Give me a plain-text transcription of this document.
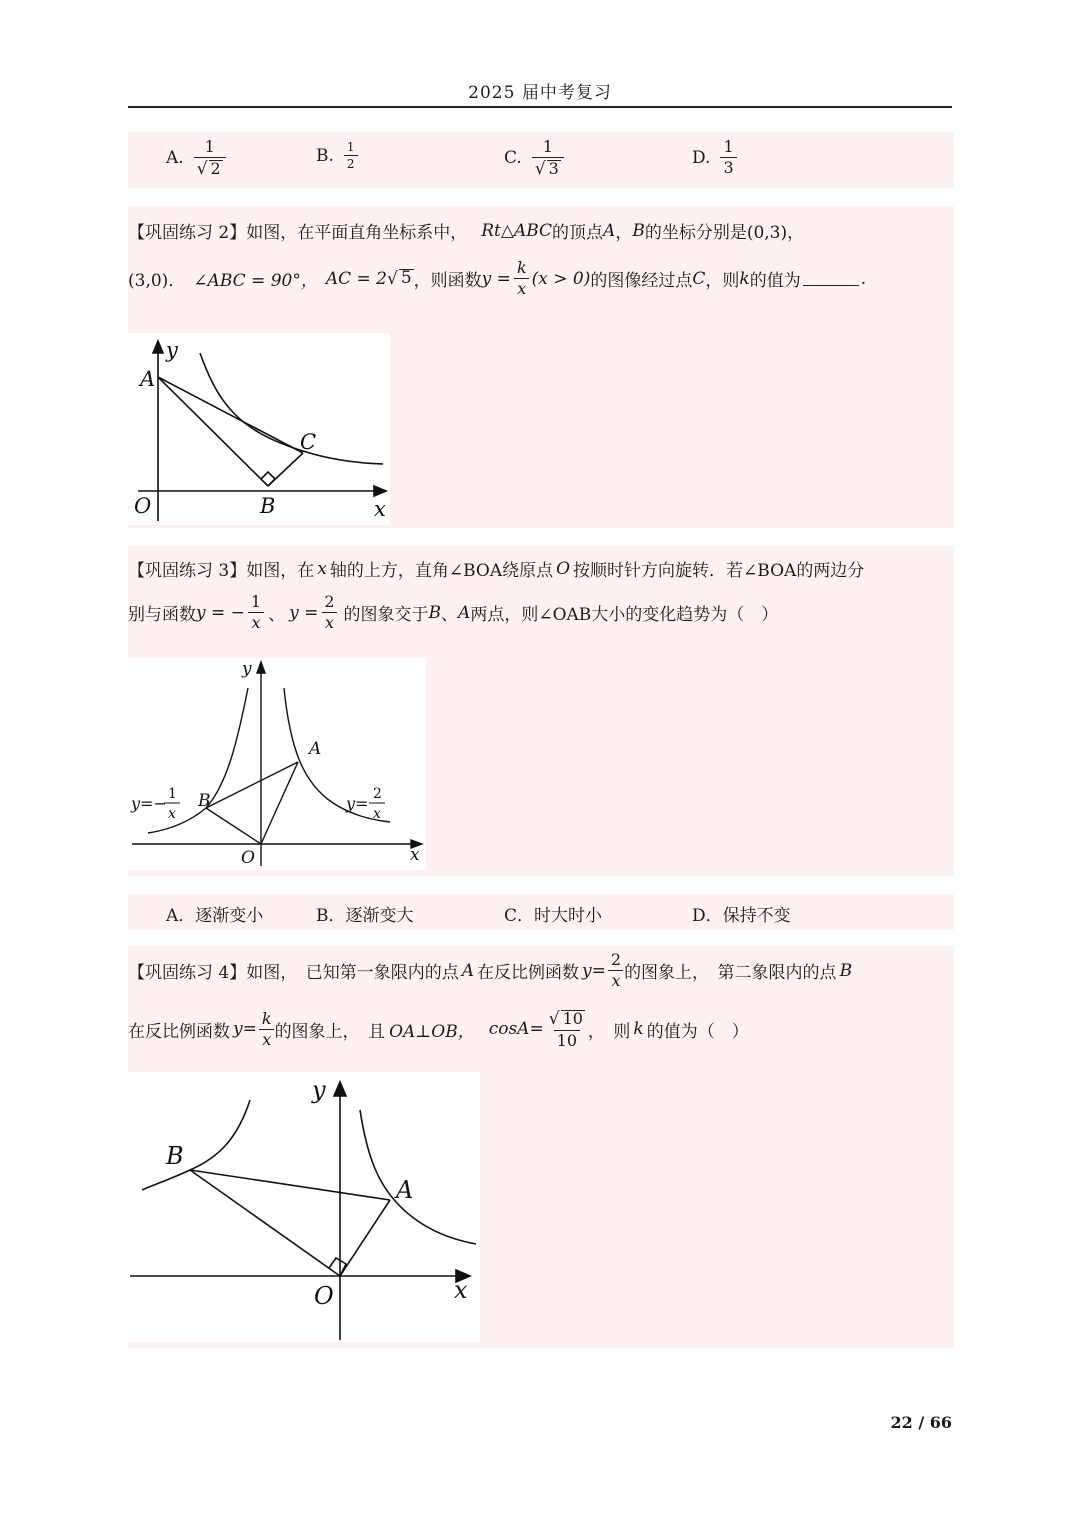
2025 届中考复习
A. $\frac{1}{√ 2}$	B. $\frac{1}{2}$	C. $\frac{1}{√ 3}$	D. $\frac{1}{3}$
【巩固练习 2】 如图，在平面直角坐标系中， Rt△ABC 的顶点 A ， B 的坐标分别是(0,3)，
(3,0)． ∠ABC = 90°， AC = 2 √ 5 ，则函数 $y = \frac{k}{x} (x > 0)$ 的图像经过点 C ，则 k 的值为	.
y
x
O
A
B
C
【巩固练习 3】 如图，在 x 轴的上方，直角∠BOA绕原点 O 按顺时针方向旋转．若∠BOA的两边分
别与函数 y = − $\frac{1}{x}$ 、 $y = \frac{2}{x}$ 的图象交于 B 、 A 两点，则∠OAB大小的变化趋势为（　）
y
x
O
A
B
y=− 1
x
y= 2
x
A．逐渐变小	B．逐渐变大	C．时大时小	D．保持不变
【巩固练习 4】 如图，　已知第一象限内的点 A 在反比例函数 $y= \frac{2}{x}$ 的图象上，　第二象限内的点 B
在反比例函数 $y= \frac{k}{x}$ 的图象上，　且 OA⊥OB， $\cos A= \frac{√ 10}{10}$ ，　则 k 的值为（　）
y
x
O
A
B
22 / 66
